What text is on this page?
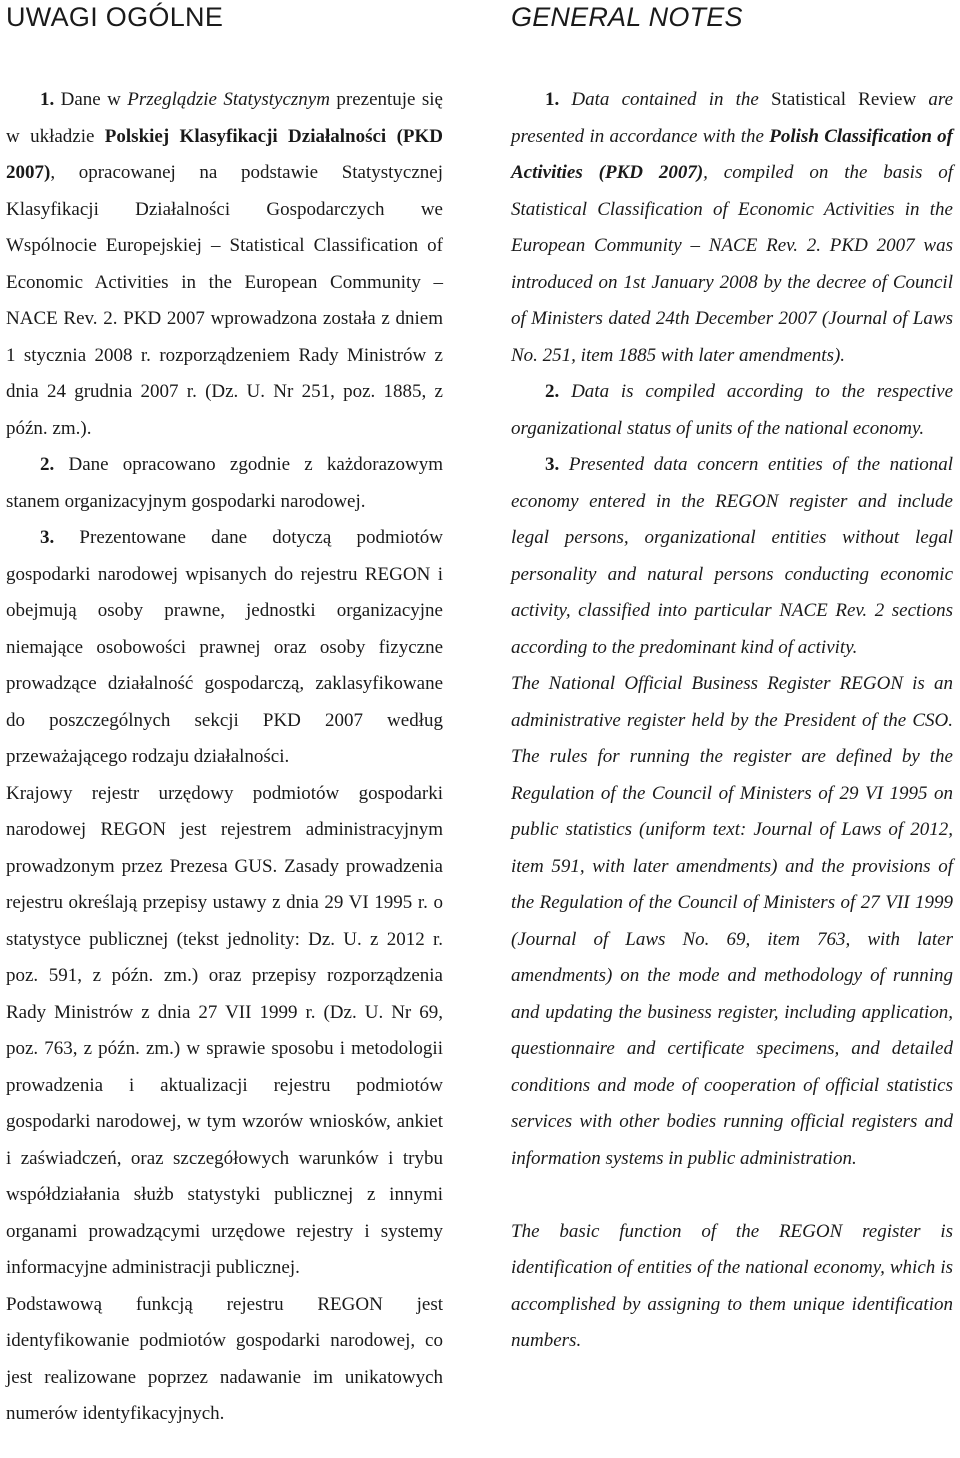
UWAGI OGÓLNE

1. Dane w Przeglądzie Statystycznym prezentuje się w układzie Polskiej Klasyfikacji Działalności (PKD 2007), opracowanej na podstawie Statystycznej Klasyfikacji Działalności Gospodarczych we Wspólnocie Europejskiej – Statistical Classification of Economic Activities in the European Community – NACE Rev. 2. PKD 2007 wprowadzona została z dniem 1 stycznia 2008 r. rozporządzeniem Rady Ministrów z dnia 24 grudnia 2007 r. (Dz. U. Nr 251, poz. 1885, z późn. zm.).

2. Dane opracowano zgodnie z każdorazowym stanem organizacyjnym gospodarki narodowej.

3. Prezentowane dane dotyczą podmiotów gospodarki narodowej wpisanych do rejestru REGON i obejmują osoby prawne, jednostki organizacyjne niemające osobowości prawnej oraz osoby fizyczne prowadzące działalność gospodarczą, zaklasyfikowane do poszczególnych sekcji PKD 2007 według przeważającego rodzaju działalności.

Krajowy rejestr urzędowy podmiotów gospodarki narodowej REGON jest rejestrem administracyjnym prowadzonym przez Prezesa GUS. Zasady prowadzenia rejestru określają przepisy ustawy z dnia 29 VI 1995 r. o statystyce publicznej (tekst jednolity: Dz. U. z 2012 r. poz. 591, z późn. zm.) oraz przepisy rozporządzenia Rady Ministrów z dnia 27 VII 1999 r. (Dz. U. Nr 69, poz. 763, z późn. zm.) w sprawie sposobu i metodologii prowadzenia i aktualizacji rejestru podmiotów gospodarki narodowej, w tym wzorów wniosków, ankiet i zaświadczeń, oraz szczegółowych warunków i trybu współdziałania służb statystyki publicznej z innymi organami prowadzącymi urzędowe rejestry i systemy informacyjne administracji publicznej.

Podstawową funkcją rejestru REGON jest identyfikowanie podmiotów gospodarki narodowej, co jest realizowane poprzez nadawanie im unikatowych numerów identyfikacyjnych.

GENERAL NOTES

1. Data contained in the Statistical Review are presented in accordance with the Polish Classification of Activities (PKD 2007), compiled on the basis of Statistical Classification of Economic Activities in the European Community – NACE Rev. 2. PKD 2007 was introduced on 1st January 2008 by the decree of Council of Ministers dated 24th December 2007 (Journal of Laws No. 251, item 1885 with later amendments).

2. Data is compiled according to the respective organizational status of units of the national economy.

3. Presented data concern entities of the national economy entered in the REGON register and include legal persons, organizational entities without legal personality and natural persons conducting economic activity, classified into particular NACE Rev. 2 sections according to the predominant kind of activity.

The National Official Business Register REGON is an administrative register held by the President of the CSO. The rules for running the register are defined by the Regulation of the Council of Ministers of 29 VI 1995 on public statistics (uniform text: Journal of Laws of 2012, item 591, with later amendments) and the provisions of the Regulation of the Council of Ministers of 27 VII 1999 (Journal of Laws No. 69, item 763, with later amendments) on the mode and methodology of running and updating the business register, including application, questionnaire and certificate specimens, and detailed conditions and mode of cooperation of official statistics services with other bodies running official registers and information systems in public administration.

The basic function of the REGON register is identification of entities of the national economy, which is accomplished by assigning to them unique identification numbers.
